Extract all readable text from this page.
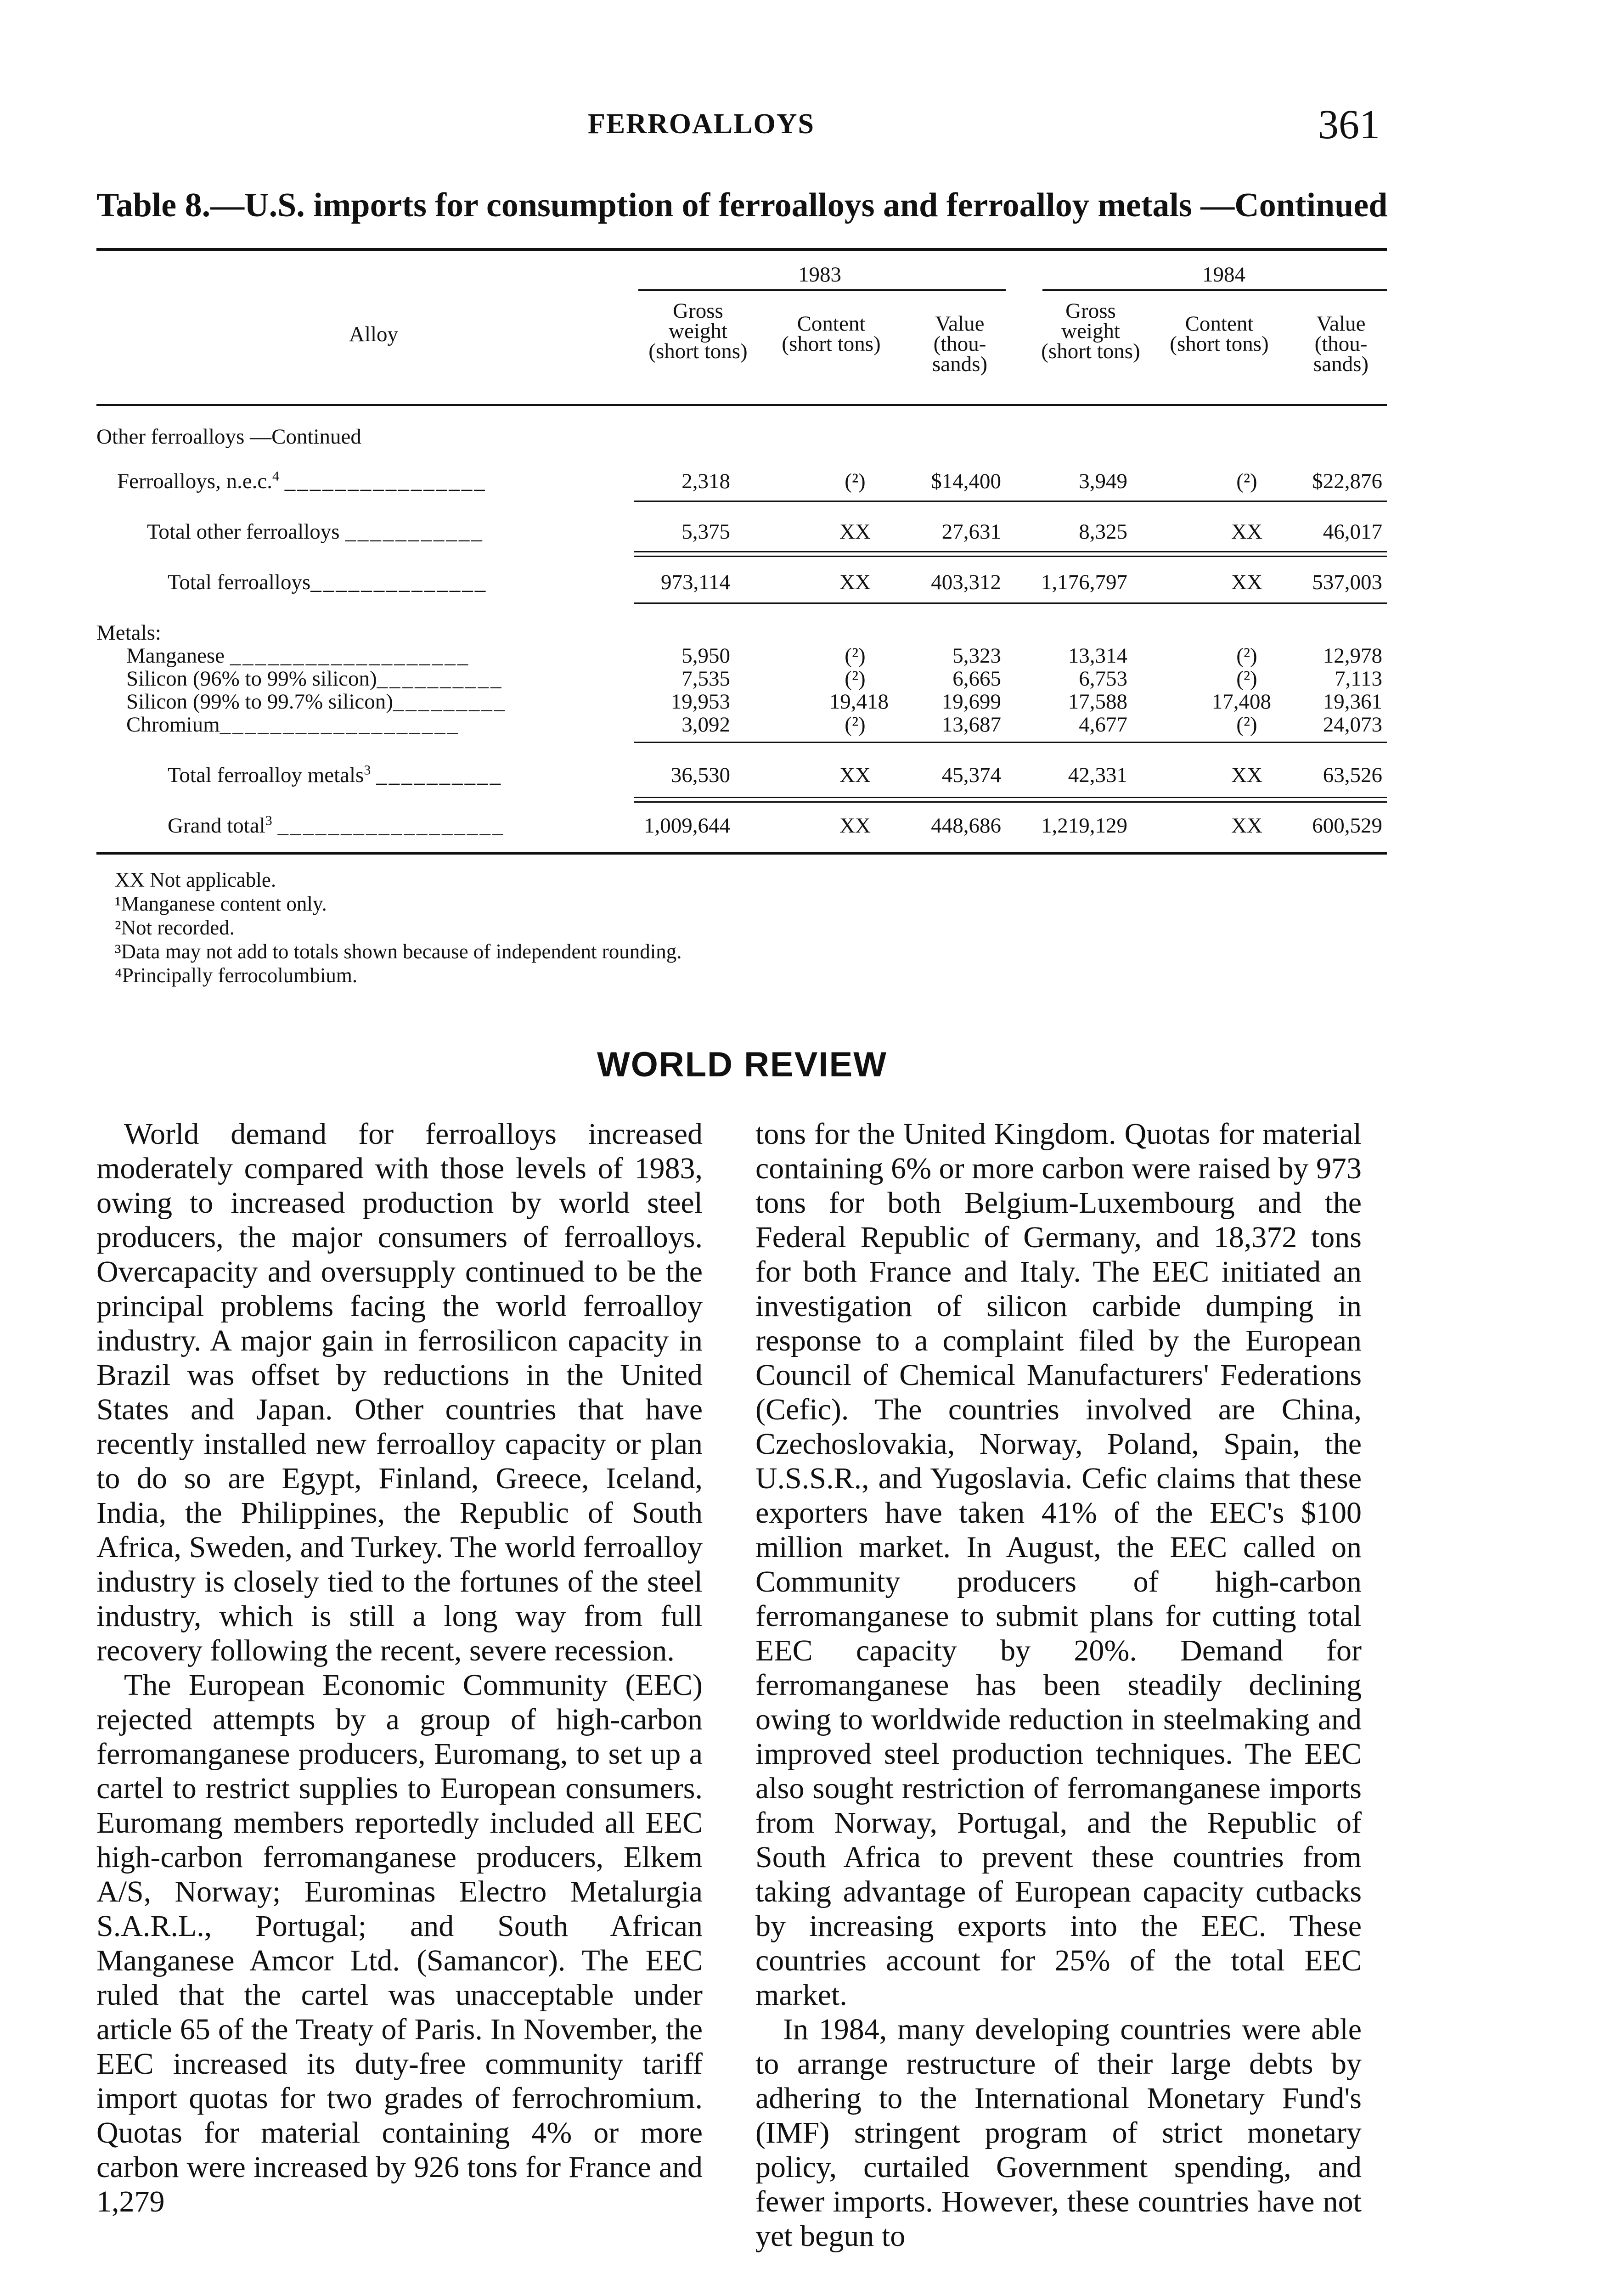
FERROALLOYS	361
Table 8.—U.S. imports for consumption of ferroalloys and ferroalloy metals —Continued
1983	1984
Alloy
Gross weight (short tons)
Content (short tons)
Value (thou- sands)
Gross weight (short tons)
Content (short tons)
Value (thou- sands)
Other ferroalloys —Continued
Ferroalloys, n.e.c.$^4$ ________________	2,318	(²)	$14,400	3,949	(²)	$22,876
Total other ferroalloys ___________	5,375	XX	27,631	8,325	XX	46,017
Total ferroalloys______________	973,114	XX	403,312 1,176,797	XX 537,003
Metals:
Manganese ___________________	5,950	(²)	5,323	13,314	(²)	12,978
Silicon (96% to 99% silicon)__________	7,535	(²)	6,665	6,753	(²)	7,113
Silicon (99% to 99.7% silicon)_________	19,953	19,418 19,699	17,588	17,408 19,361
Chromium___________________	3,092	(²)	13,687	4,677	(²)	24,073
Total ferroalloy metals$^3$ __________	36,530	XX	45,374	42,331	XX	63,526
Grand total$^3$ __________________	1,009,644	XX	448,686 1,219,129	XX 600,529
XX Not applicable.
¹Manganese content only.
²Not recorded.
³Data may not add to totals shown because of independent rounding.
⁴Principally ferrocolumbium.
WORLD REVIEW

World demand for ferroalloys increased moderately compared with those levels of 1983, owing to increased production by world steel producers, the major consumers of ferroalloys. Overcapacity and oversupply continued to be the principal problems facing the world ferroalloy industry. A major gain in ferrosilicon capacity in Brazil was offset by reductions in the United States and Japan. Other countries that have recently installed new ferroalloy capacity or plan to do so are Egypt, Finland, Greece, Iceland, India, the Philippines, the Republic of South Africa, Sweden, and Turkey. The world ferroalloy industry is closely tied to the fortunes of the steel industry, which is still a long way from full recovery following the recent, severe recession.

The European Economic Community (EEC) rejected attempts by a group of high-carbon ferromanganese producers, Euromang, to set up a cartel to restrict supplies to European consumers. Euromang members reportedly included all EEC high-carbon ferromanganese producers, Elkem A/S, Norway; Eurominas Electro Metalurgia S.A.R.L., Portugal; and South African Manganese Amcor Ltd. (Samancor). The EEC ruled that the cartel was unacceptable under article 65 of the Treaty of Paris. In November, the EEC increased its duty-free community tariff import quotas for two grades of ferrochromium. Quotas for material containing 4% or more carbon were increased by 926 tons for France and 1,279

tons for the United Kingdom. Quotas for material containing 6% or more carbon were raised by 973 tons for both Belgium-Luxembourg and the Federal Republic of Germany, and 18,372 tons for both France and Italy. The EEC initiated an investigation of silicon carbide dumping in response to a complaint filed by the European Council of Chemical Manufacturers' Federations (Cefic). The countries involved are China, Czechoslovakia, Norway, Poland, Spain, the U.S.S.R., and Yugoslavia. Cefic claims that these exporters have taken 41% of the EEC's $100 million market. In August, the EEC called on Community producers of high-carbon ferromanganese to submit plans for cutting total EEC capacity by 20%. Demand for ferromanganese has been steadily declining owing to worldwide reduction in steelmaking and improved steel production techniques. The EEC also sought restriction of ferromanganese imports from Norway, Portugal, and the Republic of South Africa to prevent these countries from taking advantage of European capacity cutbacks by increasing exports into the EEC. These countries account for 25% of the total EEC market.

In 1984, many developing countries were able to arrange restructure of their large debts by adhering to the International Monetary Fund's (IMF) stringent program of strict monetary policy, curtailed Government spending, and fewer imports. However, these countries have not yet begun to
